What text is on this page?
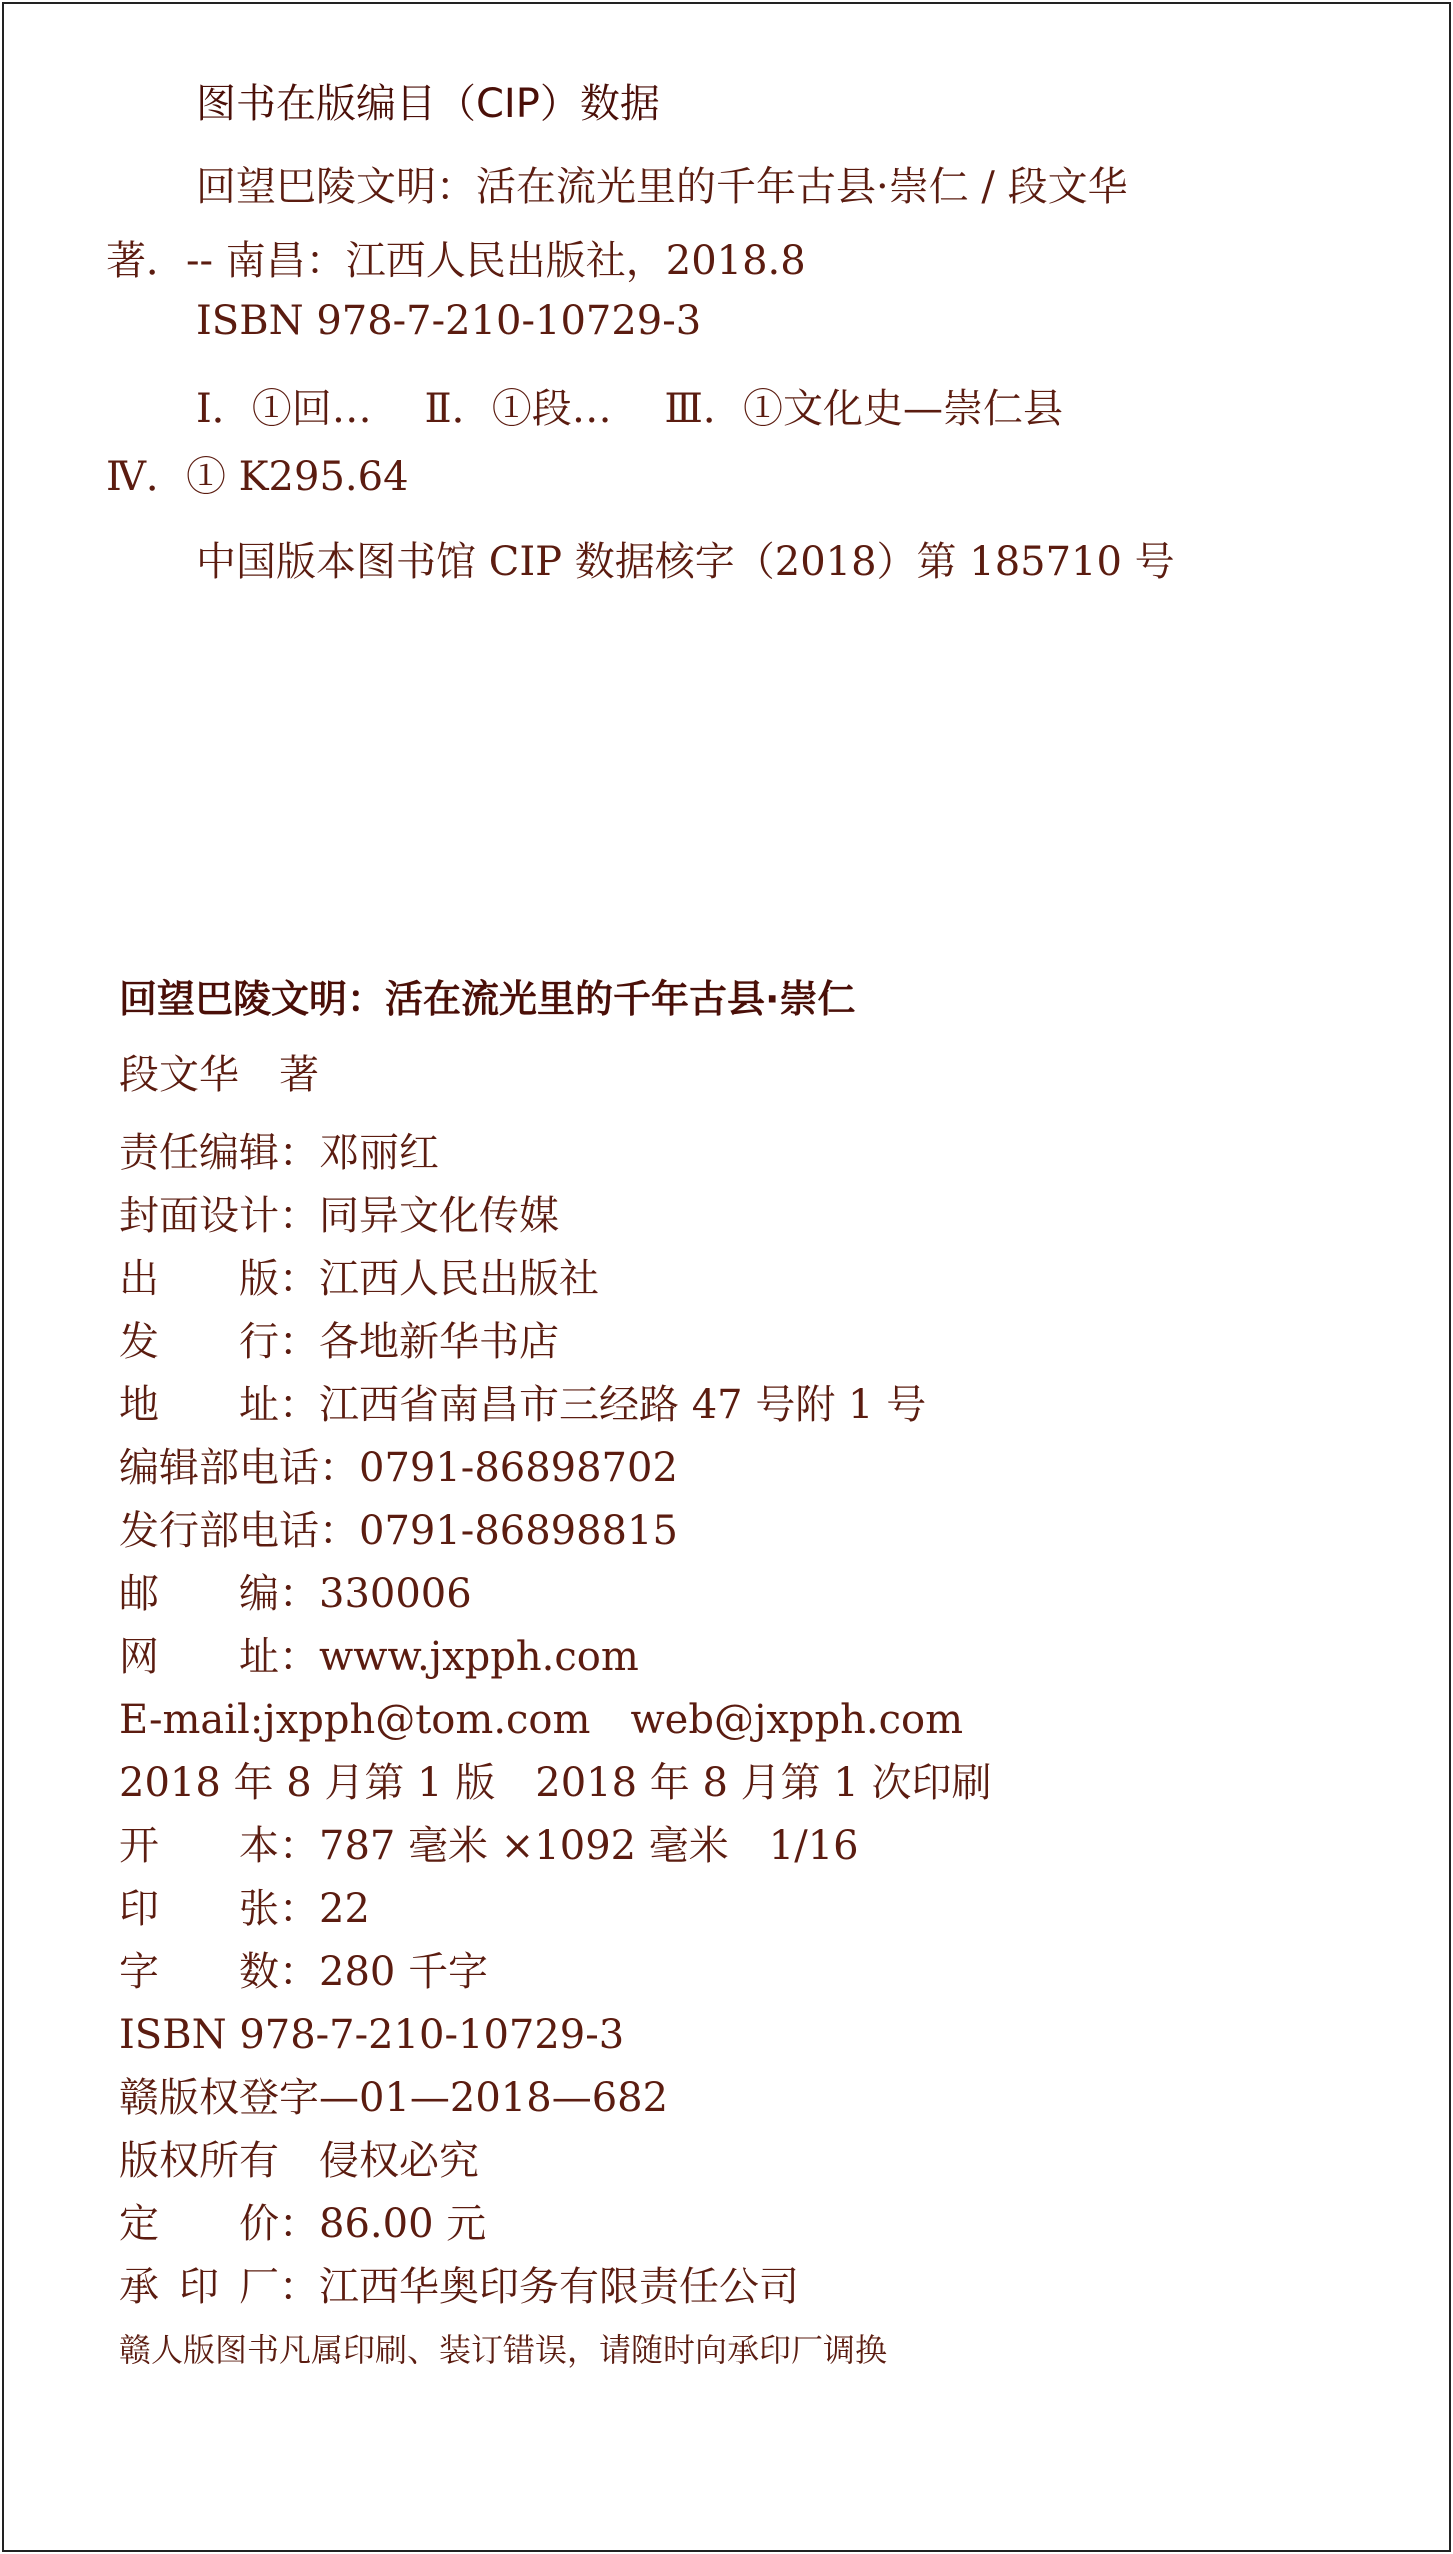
图书在版编目（CIP）数据
回望巴陵文明：活在流光里的千年古县·崇仁 / 段文华
著．-- 南昌：江西人民出版社，2018.8
ISBN 978-7-210-10729-3
Ⅰ．①回…　 Ⅱ．①段…　 Ⅲ．①文化史—崇仁县
Ⅳ．① K295.64
中国版本图书馆 CIP 数据核字（2018）第 185710 号
回望巴陵文明：活在流光里的千年古县·崇仁
段文华　著
责任编辑：邓丽红
封面设计：同异文化传媒
出版：江西人民出版社
发行：各地新华书店
地址：江西省南昌市三经路 47 号附 1 号
编辑部电话：0791-86898702
发行部电话：0791-86898815
邮编：330006
网址：www.jxpph.com
E-mail:jxpph@tom.com　web@jxpph.com
2018 年 8 月第 1 版　2018 年 8 月第 1 次印刷
开本：787 毫米 ×1092 毫米　1/16
印张：22
字数：280 千字
ISBN 978-7-210-10729-3
赣版权登字—01—2018—682
版权所有　侵权必究
定价：86.00 元
承印厂：江西华奥印务有限责任公司
赣人版图书凡属印刷、装订错误，请随时向承印厂调换
